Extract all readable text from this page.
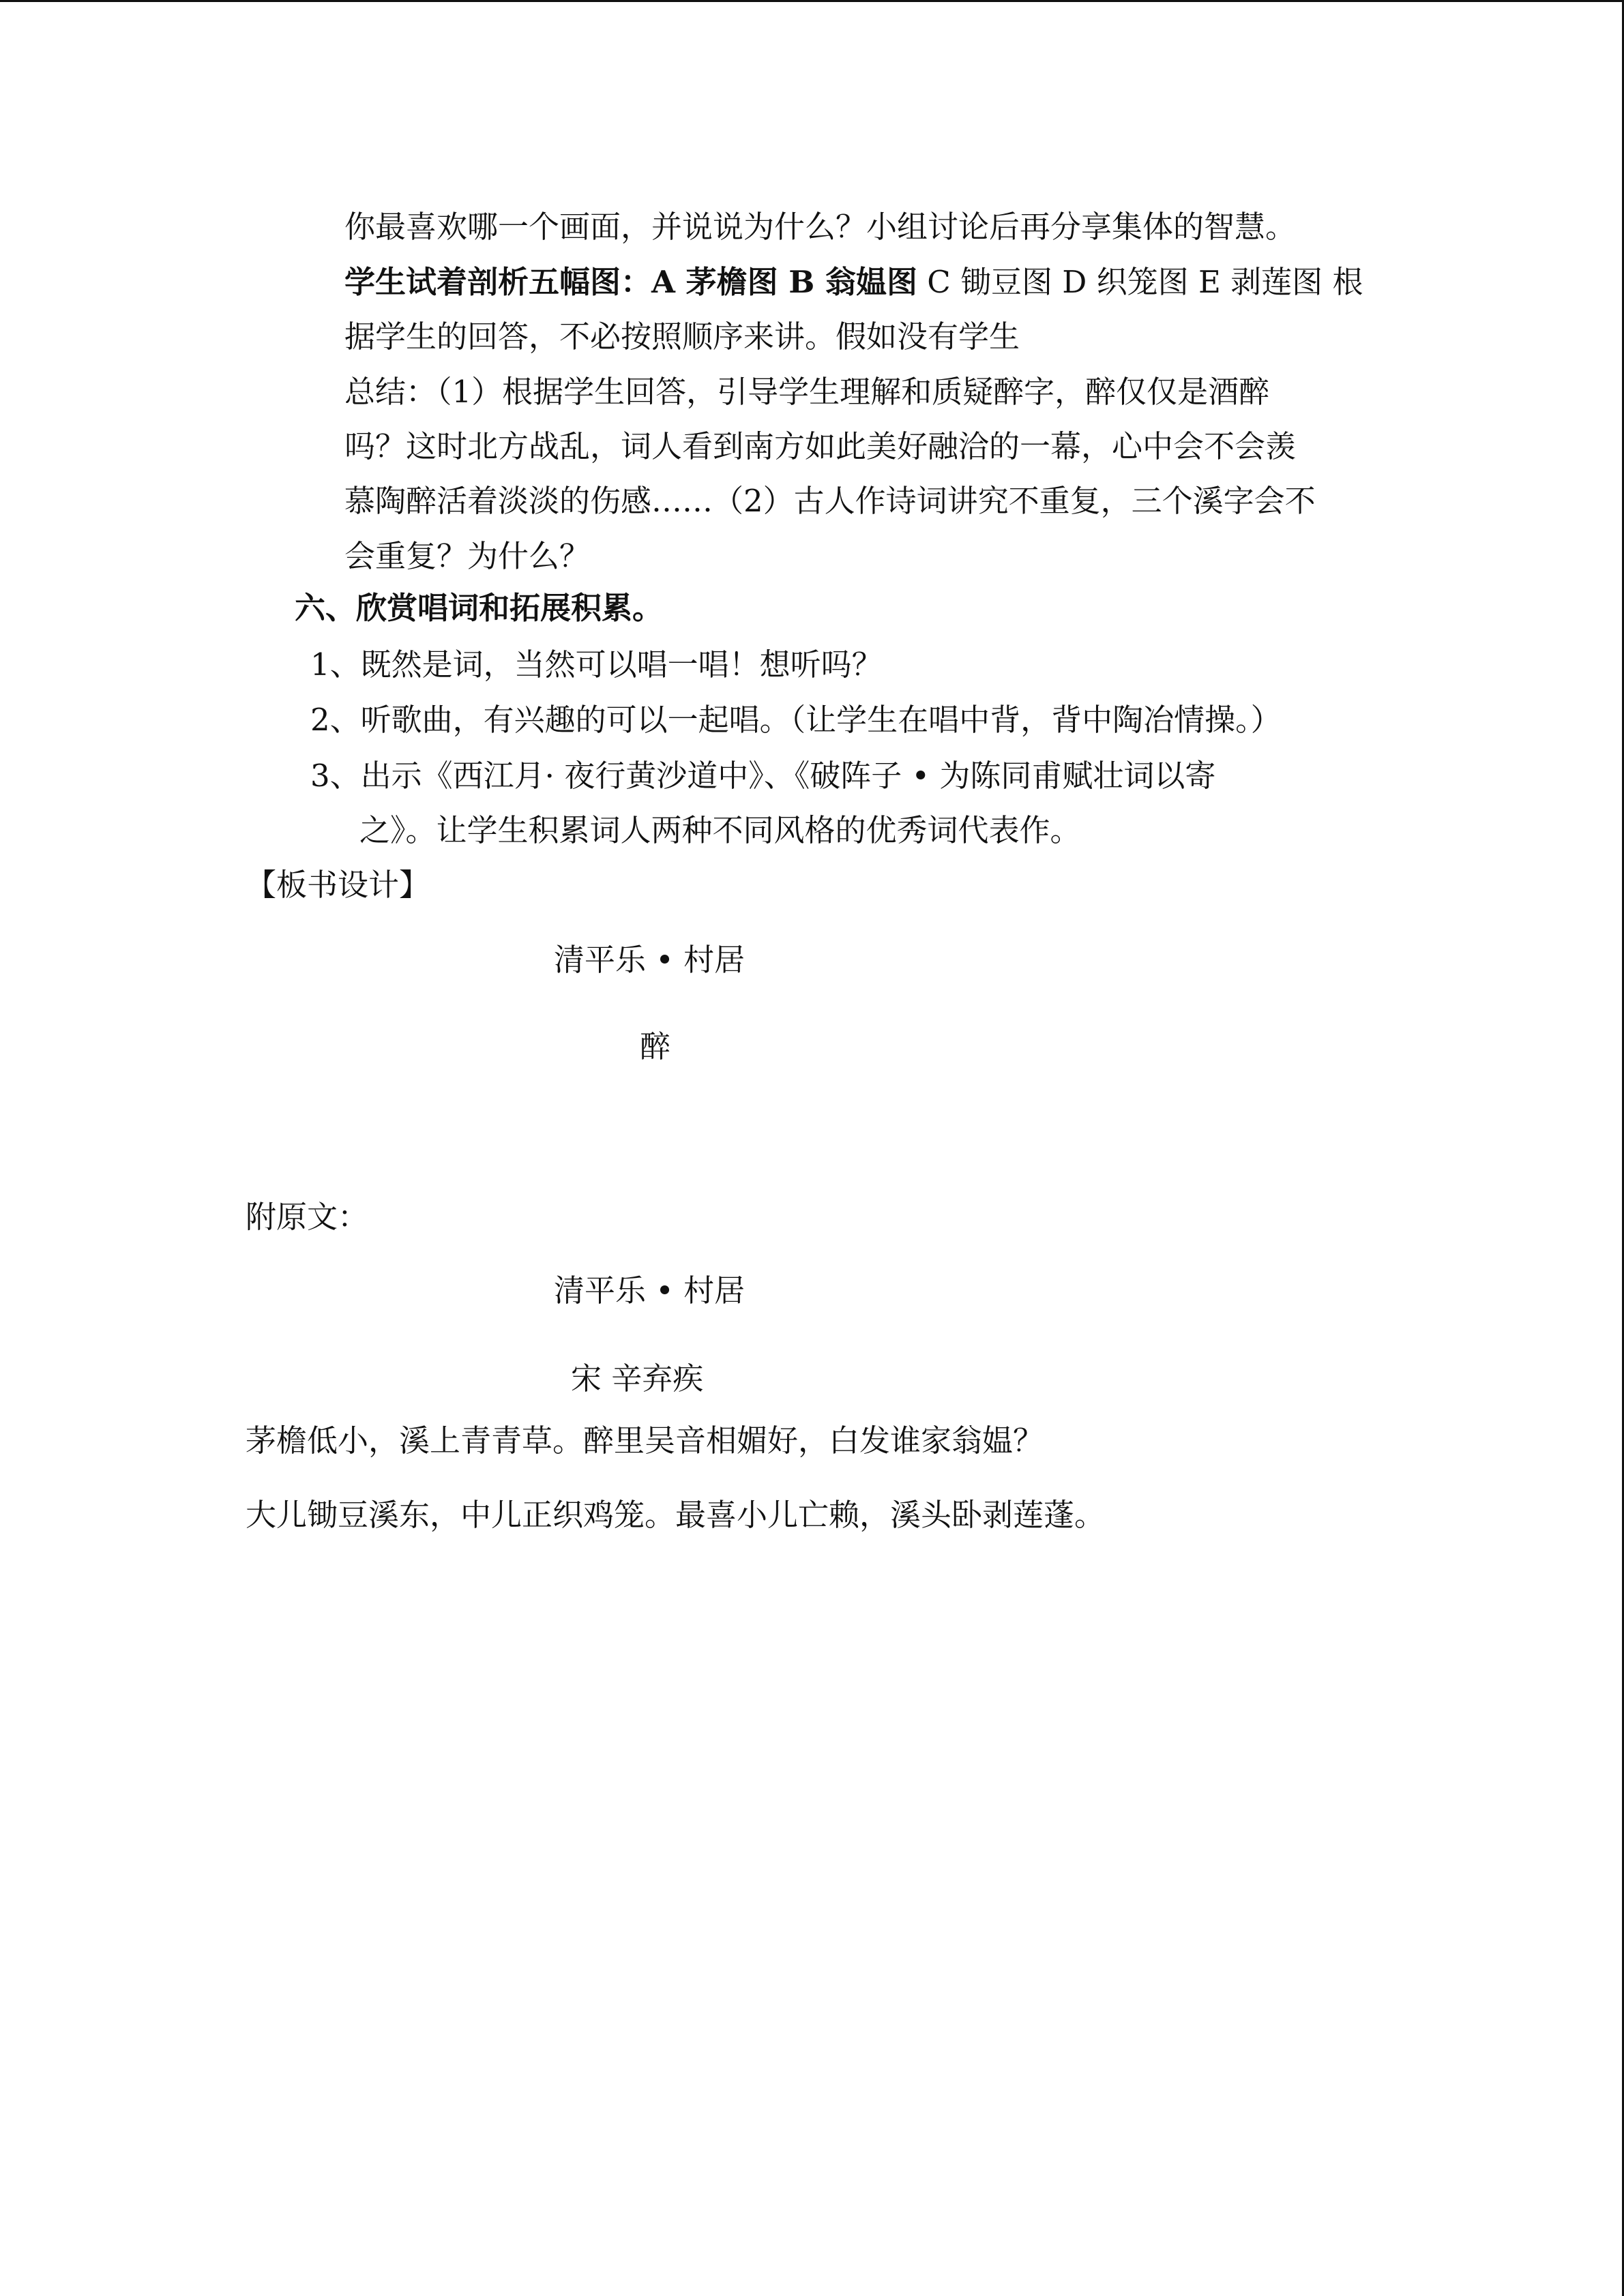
你最喜欢哪一个画面，并说说为什么？小组讨论后再分享集体的智慧。
学生试着剖析五幅图：A 茅檐图 B 翁媪图 C 锄豆图 D 织笼图 E 剥莲图 根
据学生的回答，不必按照顺序来讲。假如没有学生
总结：（1）根据学生回答，引导学生理解和质疑醉字，醉仅仅是酒醉
吗？这时北方战乱，词人看到南方如此美好融洽的一幕，心中会不会羡
慕陶醉活着淡淡的伤感……（2）古人作诗词讲究不重复，三个溪字会不
会重复？为什么？
六、欣赏唱词和拓展积累。
1、既然是词，当然可以唱一唱！想听吗？
2、听歌曲，有兴趣的可以一起唱。（让学生在唱中背，背中陶冶情操。）
3、出示《西江月· 夜行黄沙道中》、《破阵子 • 为陈同甫赋壮词以寄
之》。让学生积累词人两种不同风格的优秀词代表作。
【板书设计】
清平乐 • 村居
醉
附原文：
清平乐 • 村居
宋 辛弃疾
茅檐低小，溪上青青草。醉里吴音相媚好，白发谁家翁媪？
大儿锄豆溪东，中儿正织鸡笼。最喜小儿亡赖，溪头卧剥莲蓬。
